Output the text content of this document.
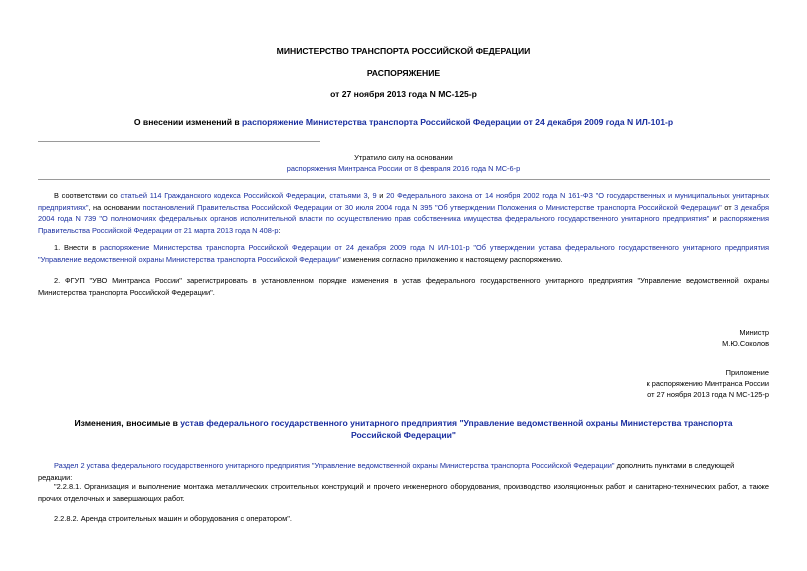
МИНИСТЕРСТВО ТРАНСПОРТА РОССИЙСКОЙ ФЕДЕРАЦИИ
РАСПОРЯЖЕНИЕ
от 27 ноября 2013 года N МС-125-р
О внесении изменений в распоряжение Министерства транспорта Российской Федерации от 24 декабря 2009 года N ИЛ-101-р
Утратило силу на основании
распоряжения Минтранса России от 8 февраля 2016 года N МС-6-р
В соответствии со статьей 114 Гражданского кодекса Российской Федерации, статьями 3, 9 и 20 Федерального закона от 14 ноября 2002 года N 161-ФЗ "О государственных и муниципальных унитарных предприятиях", на основании постановлений Правительства Российской Федерации от 30 июля 2004 года N 395 "Об утверждении Положения о Министерстве транспорта Российской Федерации" от 3 декабря 2004 года N 739 "О полномочиях федеральных органов исполнительной власти по осуществлению прав собственника имущества федерального государственного унитарного предприятия" и распоряжения Правительства Российской Федерации от 21 марта 2013 года N 408-р:
1. Внести в распоряжение Министерства транспорта Российской Федерации от 24 декабря 2009 года N ИЛ-101-р "Об утверждении устава федерального государственного унитарного предприятия "Управление ведомственной охраны Министерства транспорта Российской Федерации" изменения согласно приложению к настоящему распоряжению.
2. ФГУП "УВО Минтранса России" зарегистрировать в установленном порядке изменения в устав федерального государственного унитарного предприятия "Управление ведомственной охраны Министерства транспорта Российской Федерации".
Министр
М.Ю.Соколов
Приложение
к распоряжению Минтранса России
от 27 ноября 2013 года N МС-125-р
Изменения, вносимые в устав федерального государственного унитарного предприятия "Управление ведомственной охраны Министерства транспорта Российской Федерации"
Раздел 2 устава федерального государственного унитарного предприятия "Управление ведомственной охраны Министерства транспорта Российской Федерации" дополнить пунктами в следующей редакции:
"2.2.8.1. Организация и выполнение монтажа металлических строительных конструкций и прочего инженерного оборудования, производство изоляционных работ и санитарно-технических работ, а также прочих отделочных и завершающих работ.
2.2.8.2. Аренда строительных машин и оборудования с оператором".
